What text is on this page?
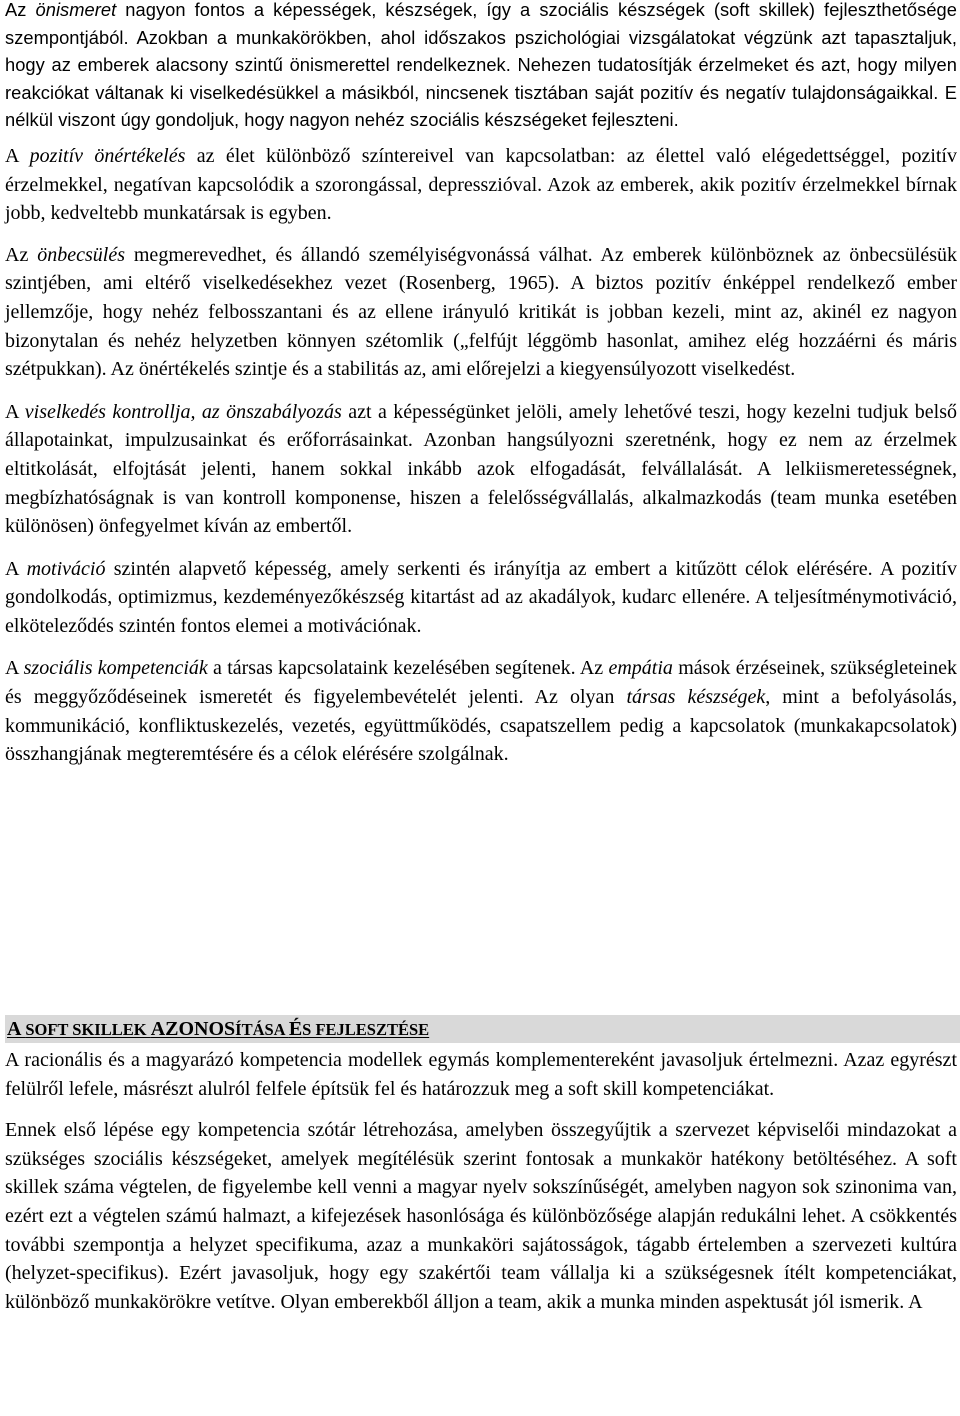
Az önismeret nagyon fontos a képességek, készségek, így a szociális készségek (soft skillek) fejleszthetősége szempontjából. Azokban a munkakörökben, ahol időszakos pszichológiai vizsgálatokat végzünk azt tapasztaljuk, hogy az emberek alacsony szintű önismerettel rendelkeznek. Nehezen tudatosítják érzelmeket és azt, hogy milyen reakciókat váltanak ki viselkedésükkel a másikból, nincsenek tisztában saját pozitív és negatív tulajdonságaikkal. E nélkül viszont úgy gondoljuk, hogy nagyon nehéz szociális készségeket fejleszteni.

A pozitív önértékelés az élet különböző színtereivel van kapcsolatban: az élettel való elégedettséggel, pozitív érzelmekkel, negatívan kapcsolódik a szorongással, depresszióval. Azok az emberek, akik pozitív érzelmekkel bírnak jobb, kedveltebb munkatársak is egyben.

Az önbecsülés megmerevedhet, és állandó személyiségvonássá válhat. Az emberek különböznek az önbecsülésük szintjében, ami eltérő viselkedésekhez vezet (Rosenberg, 1965). A biztos pozitív énképpel rendelkező ember jellemzője, hogy nehéz felbosszantani és az ellene irányuló kritikát is jobban kezeli, mint az, akinél ez nagyon bizonytalan és nehéz helyzetben könnyen szétomlik („felfújt léggömb hasonlat, amihez elég hozzáérni és máris szétpukkan). Az önértékelés szintje és a stabilitás az, ami előrejelzi a kiegyensúlyozott viselkedést.

A viselkedés kontrollja, az önszabályozás azt a képességünket jelöli, amely lehetővé teszi, hogy kezelni tudjuk belső állapotainkat, impulzusainkat és erőforrásainkat. Azonban hangsúlyozni szeretnénk, hogy ez nem az érzelmek eltitkolását, elfojtását jelenti, hanem sokkal inkább azok elfogadását, felvállalását. A lelkiismeretességnek, megbízhatóságnak is van kontroll komponense, hiszen a felelősségvállalás, alkalmazkodás (team munka esetében különösen) önfegyelmet kíván az embertől.

A motiváció szintén alapvető képesség, amely serkenti és irányítja az embert a kitűzött célok elérésére. A pozitív gondolkodás, optimizmus, kezdeményezőkészség kitartást ad az akadályok, kudarc ellenére. A teljesítménymotiváció, elköteleződés szintén fontos elemei a motivációnak.

A szociális kompetenciák a társas kapcsolataink kezelésében segítenek. Az empátia mások érzéseinek, szükségleteinek és meggyőződéseinek ismeretét és figyelembevételét jelenti. Az olyan társas készségek, mint a befolyásolás, kommunikáció, konfliktuskezelés, vezetés, együttműködés, csapatszellem pedig a kapcsolatok (munkakapcsolatok) összhangjának megteremtésére és a célok elérésére szolgálnak.

A SOFT SKILLEK AZONOSÍTÁSA ÉS FEJLESZTÉSE

A racionális és a magyarázó kompetencia modellek egymás komplementereként javasoljuk értelmezni. Azaz egyrészt felülről lefele, másrészt alulról felfele építsük fel és határozzuk meg a soft skill kompetenciákat.

Ennek első lépése egy kompetencia szótár létrehozása, amelyben összegyűjtik a szervezet képviselői mindazokat a szükséges szociális készségeket, amelyek megítélésük szerint fontosak a munkakör hatékony betöltéséhez. A soft skillek száma végtelen, de figyelembe kell venni a magyar nyelv sokszínűségét, amelyben nagyon sok szinonima van, ezért ezt a végtelen számú halmazt, a kifejezések hasonlósága és különbözősége alapján redukálni lehet. A csökkentés további szempontja a helyzet specifikuma, azaz a munkaköri sajátosságok, tágabb értelemben a szervezeti kultúra (helyzet-specifikus). Ezért javasoljuk, hogy egy szakértői team vállalja ki a szükségesnek ítélt kompetenciákat, különböző munkakörökre vetítve. Olyan emberekből álljon a team, akik a munka minden aspektusát jól ismerik. A
